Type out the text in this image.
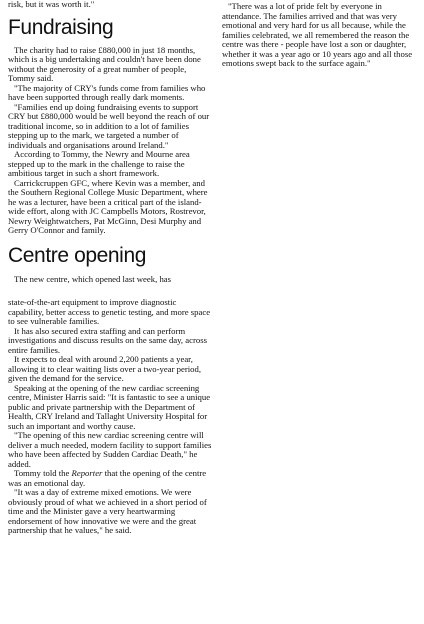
risk, but it was worth it."

Fundraising

The charity had to raise £880,000 in just 18 months, which is a big undertaking and couldn't have been done without the generosity of a great number of people, Tommy said.

"The majority of CRY's funds come from families who have been supported through really dark moments.

"Families end up doing fundraising events to support CRY but £880,000 would be well beyond the reach of our traditional income, so in addition to a lot of families stepping up to the mark, we targeted a number of individuals and organisations around Ireland."

According to Tommy, the Newry and Mourne area stepped up to the mark in the challenge to raise the ambitious target in such a short framework.

Carrickcruppen GFC, where Kevin was a member, and the Southern Regional College Music Department, where he was a lecturer, have been a critical part of the island-wide effort, along with JC Campbells Motors, Rostrevor, Newry Weightwatchers, Pat McGinn, Desi Murphy and Gerry O'Connor and family.

Centre opening

The new centre, which opened last week, has

state-of-the-art equipment to improve diagnostic capability, better access to genetic testing, and more space to see vulnerable families.

It has also secured extra staffing and can perform investigations and discuss results on the same day, across entire families.

It expects to deal with around 2,200 patients a year, allowing it to clear waiting lists over a two-year period, given the demand for the service.

Speaking at the opening of the new cardiac screening centre, Minister Harris said: "It is fantastic to see a unique public and private partnership with the Department of Health, CRY Ireland and Tallaght University Hospital for such an important and worthy cause.

"The opening of this new cardiac screening centre will deliver a much needed, modern facility to support families who have been affected by Sudden Cardiac Death," he added.

Tommy told the Reporter that the opening of the centre was an emotional day.

"It was a day of extreme mixed emotions. We were obviously proud of what we achieved in a short period of time and the Minister gave a very heartwarming endorsement of how innovative we were and the great partnership that he values," he said.

"There was a lot of pride felt by everyone in attendance. The families arrived and that was very emotional and very hard for us all because, while the families celebrated, we all remembered the reason the centre was there - people have lost a son or daughter, whether it was a year ago or 10 years ago and all those emotions swept back to the surface again."
